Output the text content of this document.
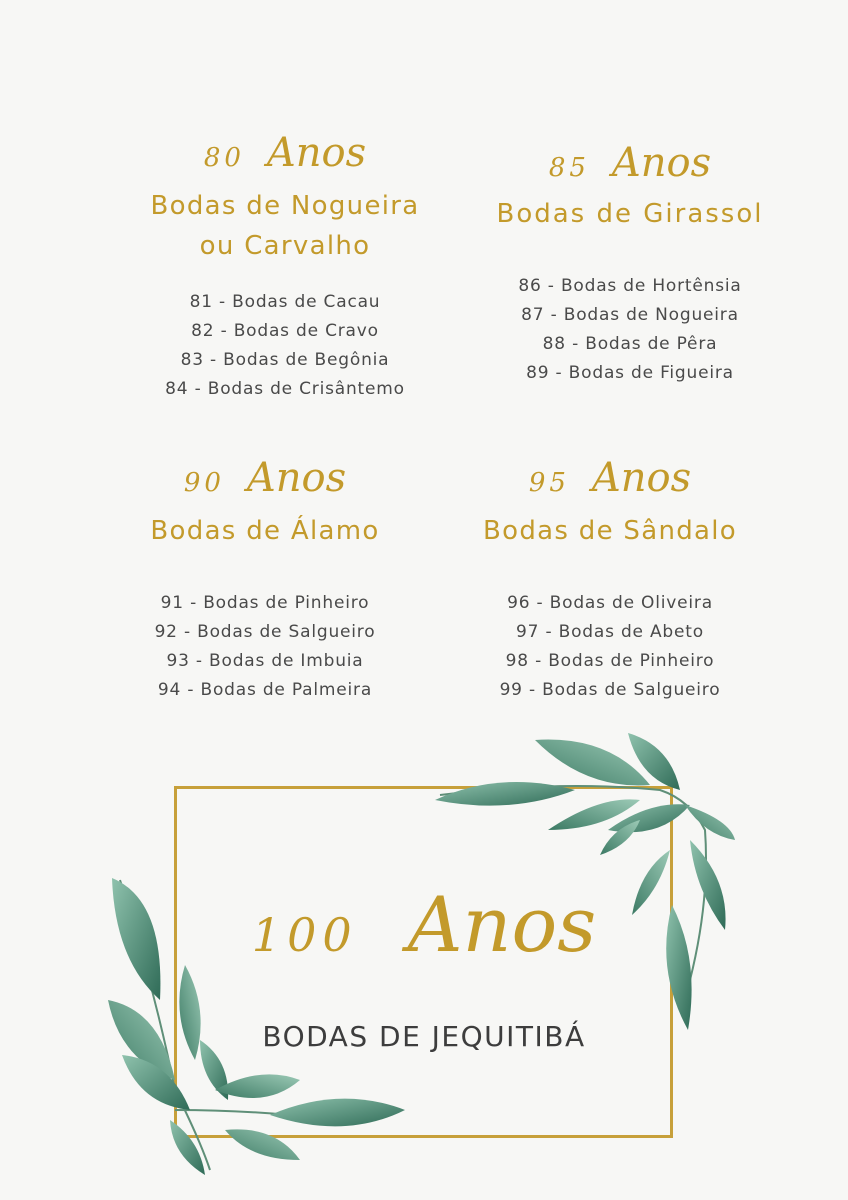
80 Anos
Bodas de Nogueira
ou Carvalho
81 - Bodas de Cacau
82 - Bodas de Cravo
83 - Bodas de Begônia
84 - Bodas de Crisântemo
85 Anos
Bodas de Girassol
86 - Bodas de Hortênsia
87 - Bodas de Nogueira
88 - Bodas de Pêra
89 - Bodas de Figueira
90 Anos
Bodas de Álamo
91 - Bodas de Pinheiro
92 - Bodas de Salgueiro
93 - Bodas de Imbuia
94 - Bodas de Palmeira
95 Anos
Bodas de Sândalo
96 - Bodas de Oliveira
97 - Bodas de Abeto
98 - Bodas de Pinheiro
99 - Bodas de Salgueiro
100 Anos
BODAS DE JEQUITIBÁ
